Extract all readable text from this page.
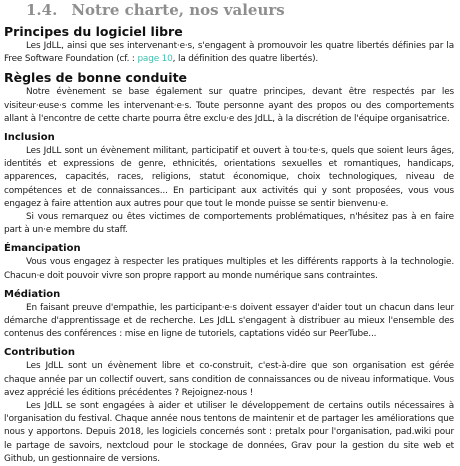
1.4. Notre charte, nos valeurs
Principes du logiciel libre

Les JdLL, ainsi que ses intervenant·e·s, s'engagent à promouvoir les quatre libertés définies par la Free Software Foundation (cf. : page 10, la définition des quatre libertés).

Règles de bonne conduite

Notre évènement se base également sur quatre principes, devant être respectés par les visiteur·euse·s comme les intervenant·e·s. Toute personne ayant des propos ou des comportements allant à l'encontre de cette charte pourra être exclu·e des JdLL, à la discrétion de l'équipe organisatrice.

Inclusion

Les JdLL sont un évènement militant, participatif et ouvert à tou·te·s, quels que soient leurs âges, identités et expressions de genre, ethnicités, orientations sexuelles et romantiques, handicaps, apparences, capacités, races, religions, statut économique, choix technologiques, niveau de compétences et de connaissances... En participant aux activités qui y sont proposées, vous vous engagez à faire attention aux autres pour que tout le monde puisse se sentir bienvenu·e.

Si vous remarquez ou êtes victimes de comportements problématiques, n'hésitez pas à en faire part à un·e membre du staff.

Émancipation

Vous vous engagez à respecter les pratiques multiples et les différents rapports à la technologie. Chacun·e doit pouvoir vivre son propre rapport au monde numérique sans contraintes.

Médiation

En faisant preuve d'empathie, les participant·e·s doivent essayer d'aider tout un chacun dans leur démarche d'apprentissage et de recherche. Les JdLL s'engagent à distribuer au mieux l'ensemble des contenus des conférences : mise en ligne de tutoriels, captations vidéo sur PeerTube...

Contribution

Les JdLL sont un évènement libre et co-construit, c'est-à-dire que son organisation est gérée chaque année par un collectif ouvert, sans condition de connaissances ou de niveau informatique. Vous avez apprécié les éditions précédentes ? Rejoignez-nous !

Les JdLL se sont engagées à aider et utiliser le développement de certains outils nécessaires à l'organisation du festival. Chaque année nous tentons de maintenir et de partager les améliorations que nous y apportons. Depuis 2018, les logiciels concernés sont : pretalx pour l'organisation, pad.wiki pour le partage de savoirs, nextcloud pour le stockage de données, Grav pour la gestion du site web et Github, un gestionnaire de versions.
